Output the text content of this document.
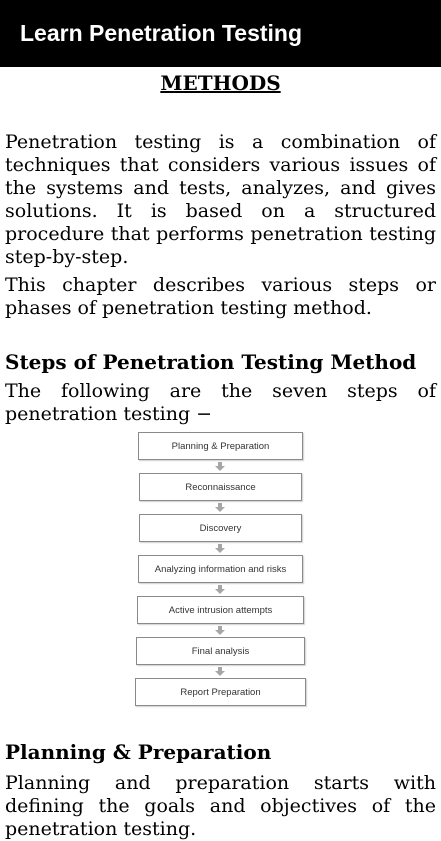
Learn Penetration Testing
METHODS

Penetration testing is a combination of techniques that considers various issues of the systems and tests, analyzes, and gives solutions. It is based on a structured procedure that performs penetration testing step-by-step.

This chapter describes various steps or phases of penetration testing method.

Steps of Penetration Testing Method

The following are the seven steps of penetration testing −

Planning & Preparation
Reconnaissance
Discovery
Analyzing information and risks
Active intrusion attempts
Final analysis
Report Preparation
Planning & Preparation

Planning and preparation starts with defining the goals and objectives of the penetration testing.
